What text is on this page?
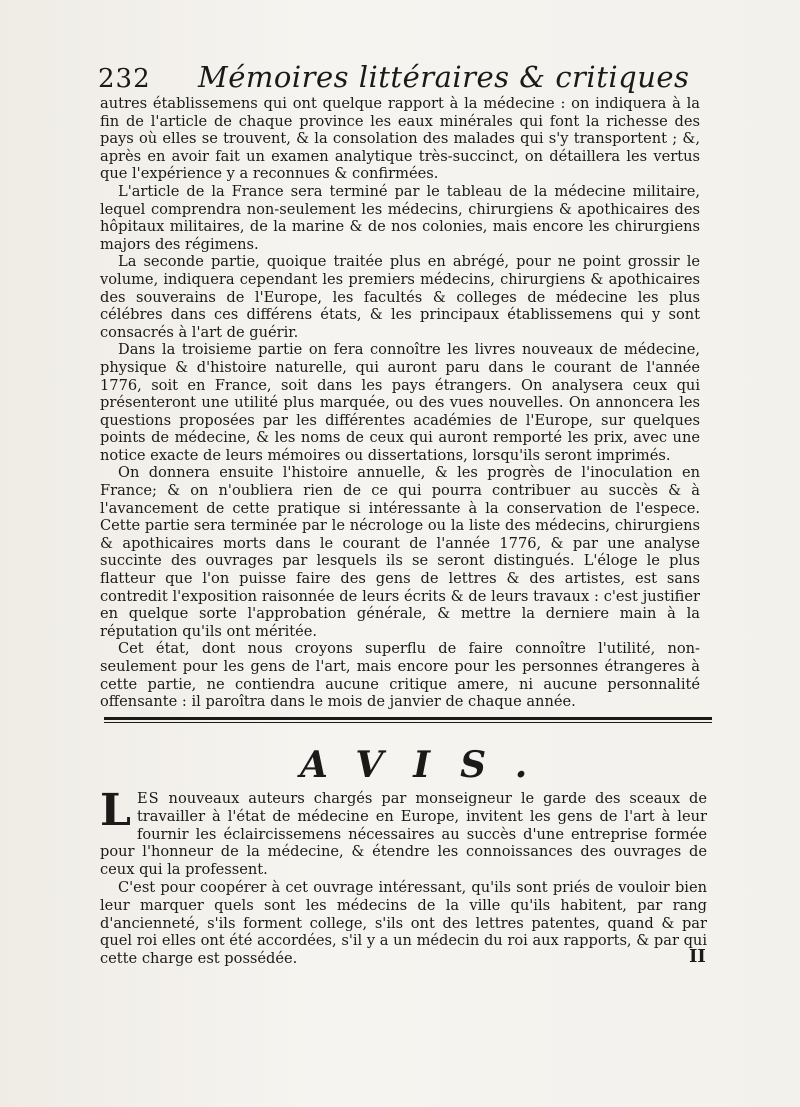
232	Mémoires littéraires & critiques

autres établissemens qui ont quelque rapport à la médecine : on indiquera à la fin de l'article de chaque province les eaux minérales qui font la richesse des pays où elles se trouvent, & la consolation des malades qui s'y transportent ; &, après en avoir fait un examen analytique très-succinct, on détaillera les vertus que l'expérience y a reconnues & confirmées.

L'article de la France sera terminé par le tableau de la médecine militaire, lequel comprendra non-seulement les médecins, chirurgiens & apothicaires des hôpitaux militaires, de la marine & de nos colonies, mais encore les chirurgiens majors des régimens.

La seconde partie, quoique traitée plus en abrégé, pour ne point grossir le volume, indiquera cependant les premiers médecins, chirurgiens & apothicaires des souverains de l'Europe, les facultés & colleges de médecine les plus célébres dans ces différens états, & les principaux établissemens qui y sont consacrés à l'art de guérir.

Dans la troisieme partie on fera connoître les livres nouveaux de médecine, physique & d'histoire naturelle, qui auront paru dans le courant de l'année 1776, soit en France, soit dans les pays étrangers. On analysera ceux qui présenteront une utilité plus marquée, ou des vues nouvelles. On annoncera les questions proposées par les différentes académies de l'Europe, sur quelques points de médecine, & les noms de ceux qui auront remporté les prix, avec une notice exacte de leurs mémoires ou dissertations, lorsqu'ils seront imprimés.

On donnera ensuite l'histoire annuelle, & les progrès de l'inoculation en France; & on n'oubliera rien de ce qui pourra contribuer au succès & à l'avancement de cette pratique si intéressante à la conservation de l'espece. Cette partie sera terminée par le nécrologe ou la liste des médecins, chirurgiens & apothicaires morts dans le courant de l'année 1776, & par une analyse succinte des ouvrages par lesquels ils se seront distingués. L'éloge le plus flatteur que l'on puisse faire des gens de lettres & des artistes, est sans contredit l'exposition raisonnée de leurs écrits & de leurs travaux : c'est justifier en quelque sorte l'approbation générale, & mettre la derniere main à la réputation qu'ils ont méritée.

Cet état, dont nous croyons superflu de faire connoître l'utilité, non-seulement pour les gens de l'art, mais encore pour les personnes étrangeres à cette partie, ne contiendra aucune critique amere, ni aucune personnalité offensante : il paroîtra dans le mois de janvier de chaque année.

AVIS.

LES nouveaux auteurs chargés par monseigneur le garde des sceaux de travailler à l'état de médecine en Europe, invitent les gens de l'art à leur fournir les éclaircissemens nécessaires au succès d'une entreprise formée pour l'honneur de la médecine, & étendre les connoissances des ouvrages de ceux qui la professent.

C'est pour coopérer à cet ouvrage intéressant, qu'ils sont priés de vouloir bien leur marquer quels sont les médecins de la ville qu'ils habitent, par rang d'ancienneté, s'ils forment college, s'ils ont des lettres patentes, quand & par quel roi elles ont été accordées, s'il y a un médecin du roi aux rapports, & par qui cette charge est possédée.	II
